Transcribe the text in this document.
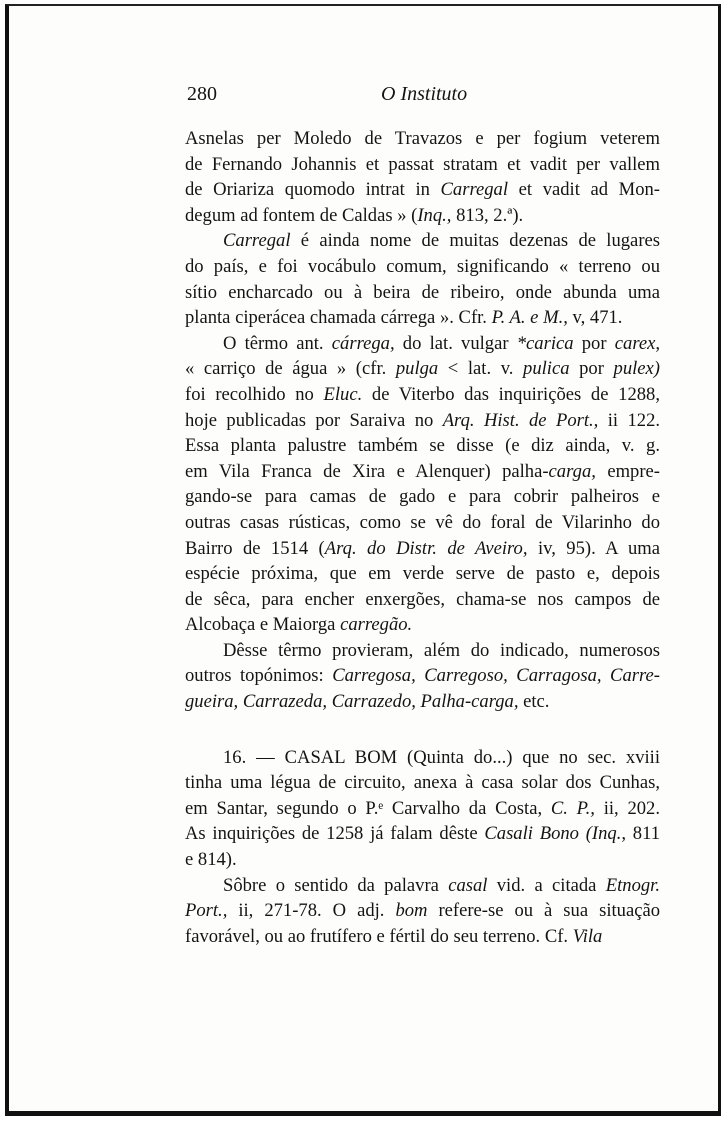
280	O Instituto

Asnelas per Moledo de Travazos e per fogium veterem

de Fernando Johannis et passat stratam et vadit per vallem

de Oriariza quomodo intrat in Carregal et vadit ad Mon-

degum ad fontem de Caldas » (Inq., 813, 2.ª).

Carregal é ainda nome de muitas dezenas de lugares

do país, e foi vocábulo comum, significando « terreno ou

sítio encharcado ou à beira de ribeiro, onde abunda uma

planta ciperácea chamada cárrega ». Cfr. P. A. e M., v, 471.

O têrmo ant. cárrega, do lat. vulgar *carica por carex,

« carriço de água » (cfr. pulga < lat. v. pulica por pulex)

foi recolhido no Eluc. de Viterbo das inquirições de 1288,

hoje publicadas por Saraiva no Arq. Hist. de Port., ii 122.

Essa planta palustre também se disse (e diz ainda, v. g.

em Vila Franca de Xira e Alenquer) palha-carga, empre-

gando-se para camas de gado e para cobrir palheiros e

outras casas rústicas, como se vê do foral de Vilarinho do

Bairro de 1514 (Arq. do Distr. de Aveiro, iv, 95). A uma

espécie próxima, que em verde serve de pasto e, depois

de sêca, para encher enxergões, chama-se nos campos de

Alcobaça e Maiorga carregão.

Dêsse têrmo provieram, além do indicado, numerosos

outros topónimos: Carregosa, Carregoso, Carragosa, Carre-

gueira, Carrazeda, Carrazedo, Palha-carga, etc.

16. — CASAL BOM (Quinta do...) que no sec. xviii

tinha uma légua de circuito, anexa à casa solar dos Cunhas,

em Santar, segundo o P.ᵉ Carvalho da Costa, C. P., ii, 202.

As inquirições de 1258 já falam dêste Casali Bono (Inq., 811

e 814).

Sôbre o sentido da palavra casal vid. a citada Etnogr.

Port., ii, 271-78. O adj. bom refere-se ou à sua situação

favorável, ou ao frutífero e fértil do seu terreno. Cf. Vila
